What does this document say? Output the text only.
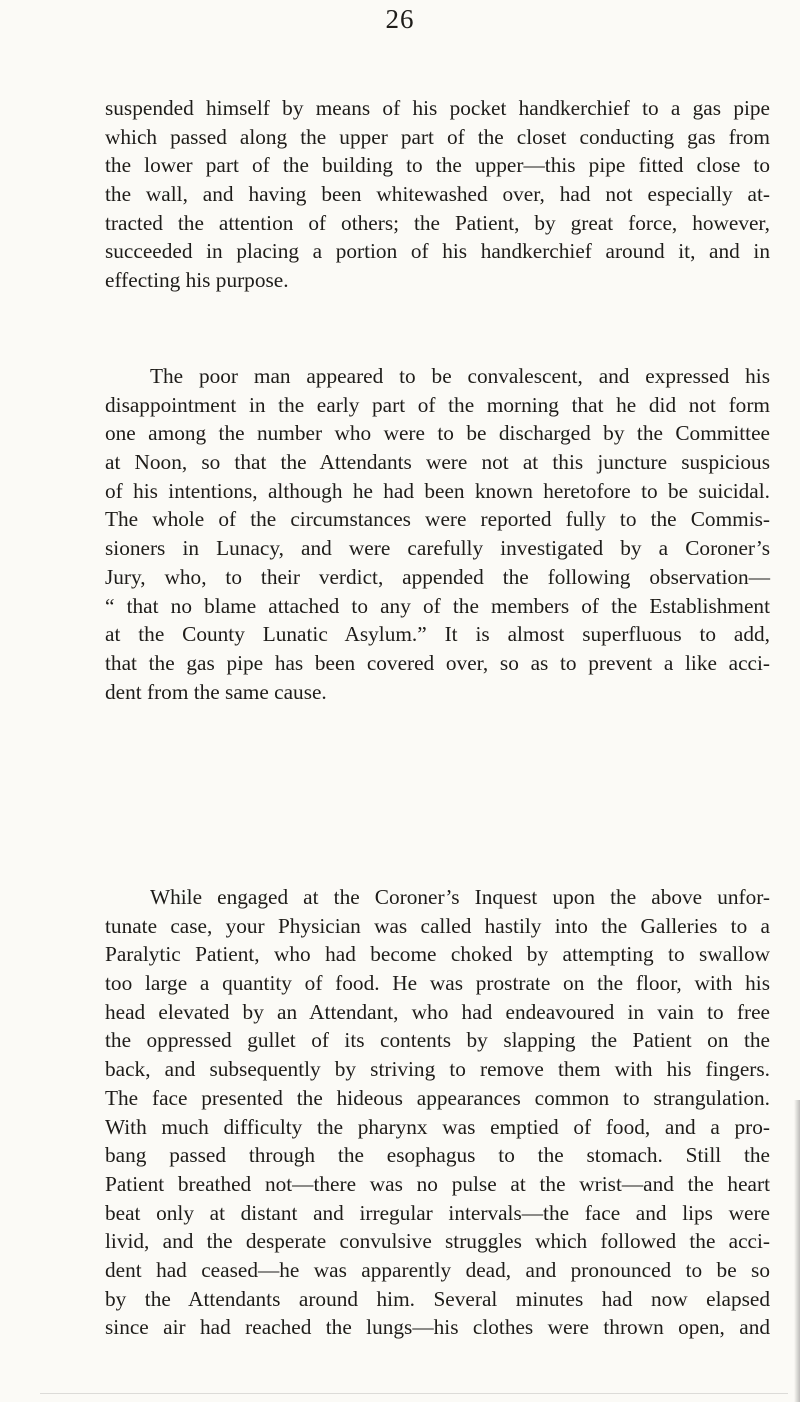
26
suspended himself by means of his pocket handkerchief to a gas pipe
which passed along the upper part of the closet conducting gas from
the lower part of the building to the upper—this pipe fitted close to
the wall, and having been whitewashed over, had not especially at-
tracted the attention of others; the Patient, by great force, however,
succeeded in placing a portion of his handkerchief around it, and in
effecting his purpose.
The poor man appeared to be convalescent, and expressed his
disappointment in the early part of the morning that he did not form
one among the number who were to be discharged by the Committee
at Noon, so that the Attendants were not at this juncture suspicious
of his intentions, although he had been known heretofore to be suicidal.
The whole of the circumstances were reported fully to the Commis-
sioners in Lunacy, and were carefully investigated by a Coroner’s
Jury, who, to their verdict, appended the following observation—
“ that no blame attached to any of the members of the Establishment
at the County Lunatic Asylum.” It is almost superfluous to add,
that the gas pipe has been covered over, so as to prevent a like acci-
dent from the same cause.
While engaged at the Coroner’s Inquest upon the above unfor-
tunate case, your Physician was called hastily into the Galleries to a
Paralytic Patient, who had become choked by attempting to swallow
too large a quantity of food. He was prostrate on the floor, with his
head elevated by an Attendant, who had endeavoured in vain to free
the oppressed gullet of its contents by slapping the Patient on the
back, and subsequently by striving to remove them with his fingers.
The face presented the hideous appearances common to strangulation.
With much difficulty the pharynx was emptied of food, and a pro-
bang passed through the esophagus to the stomach. Still the
Patient breathed not—there was no pulse at the wrist—and the heart
beat only at distant and irregular intervals—the face and lips were
livid, and the desperate convulsive struggles which followed the acci-
dent had ceased—he was apparently dead, and pronounced to be so
by the Attendants around him. Several minutes had now elapsed
since air had reached the lungs—his clothes were thrown open, and
